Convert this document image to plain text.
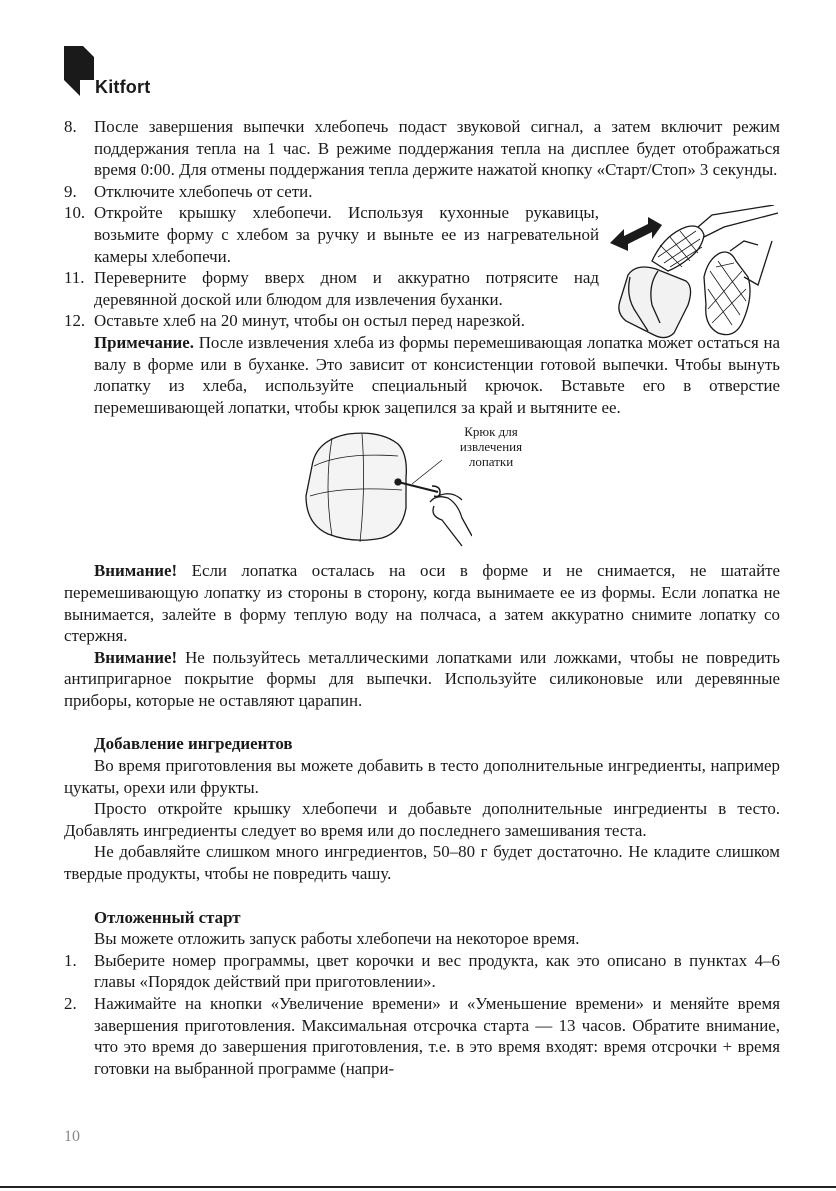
Kitfort
8. После завершения выпечки хлебопечь подаст звуковой сигнал, а затем включит режим поддержания тепла на 1 час. В режиме поддержания тепла на дисплее будет отображаться время 0:00. Для отмены поддержания тепла держите нажатой кнопку «Старт/Стоп» 3 секунды.
9. Отключите хлебопечь от сети.
10. Откройте крышку хлебопечи. Используя кухонные рукавицы, возьмите форму с хлебом за ручку и выньте ее из нагревательной камеры хлебопечи.
11. Переверните форму вверх дном и аккуратно потрясите над деревянной доской или блюдом для извлечения буханки.
12. Оставьте хлеб на 20 минут, чтобы он остыл перед нарезкой.

Примечание. После извлечения хлеба из формы перемешивающая лопатка может остаться на валу в форме или в буханке. Это зависит от консистенции готовой выпечки. Чтобы вынуть лопатку из хлеба, используйте специальный крючок. Вставьте его в отверстие перемешивающей лопатки, чтобы крюк зацепился за край и вытяните ее.

Крюк для извлечения лопатки

Внимание! Если лопатка осталась на оси в форме и не снимается, не шатайте перемешивающую лопатку из стороны в сторону, когда вынимаете ее из формы. Если лопатка не вынимается, залейте в форму теплую воду на полчаса, а затем аккуратно снимите лопатку со стержня.

Внимание! Не пользуйтесь металлическими лопатками или ложками, чтобы не повредить антипригарное покрытие формы для выпечки. Используйте силиконовые или деревянные приборы, которые не оставляют царапин.

Добавление ингредиентов

Во время приготовления вы можете добавить в тесто дополнительные ингредиенты, например цукаты, орехи или фрукты.

Просто откройте крышку хлебопечи и добавьте дополнительные ингредиенты в тесто. Добавлять ингредиенты следует во время или до последнего замешивания теста.

Не добавляйте слишком много ингредиентов, 50–80 г будет достаточно. Не кладите слишком твердые продукты, чтобы не повредить чашу.

Отложенный старт

Вы можете отложить запуск работы хлебопечи на некоторое время.

1. Выберите номер программы, цвет корочки и вес продукта, как это описано в пунктах 4–6 главы «Порядок действий при приготовлении».
2. Нажимайте на кнопки «Увеличение времени» и «Уменьшение времени» и меняйте время завершения приготовления. Максимальная отсрочка старта — 13 часов. Обратите внимание, что это время до завершения приготовления, т.е. в это время входят: время отсрочки + время готовки на выбранной программе (напри-
10
